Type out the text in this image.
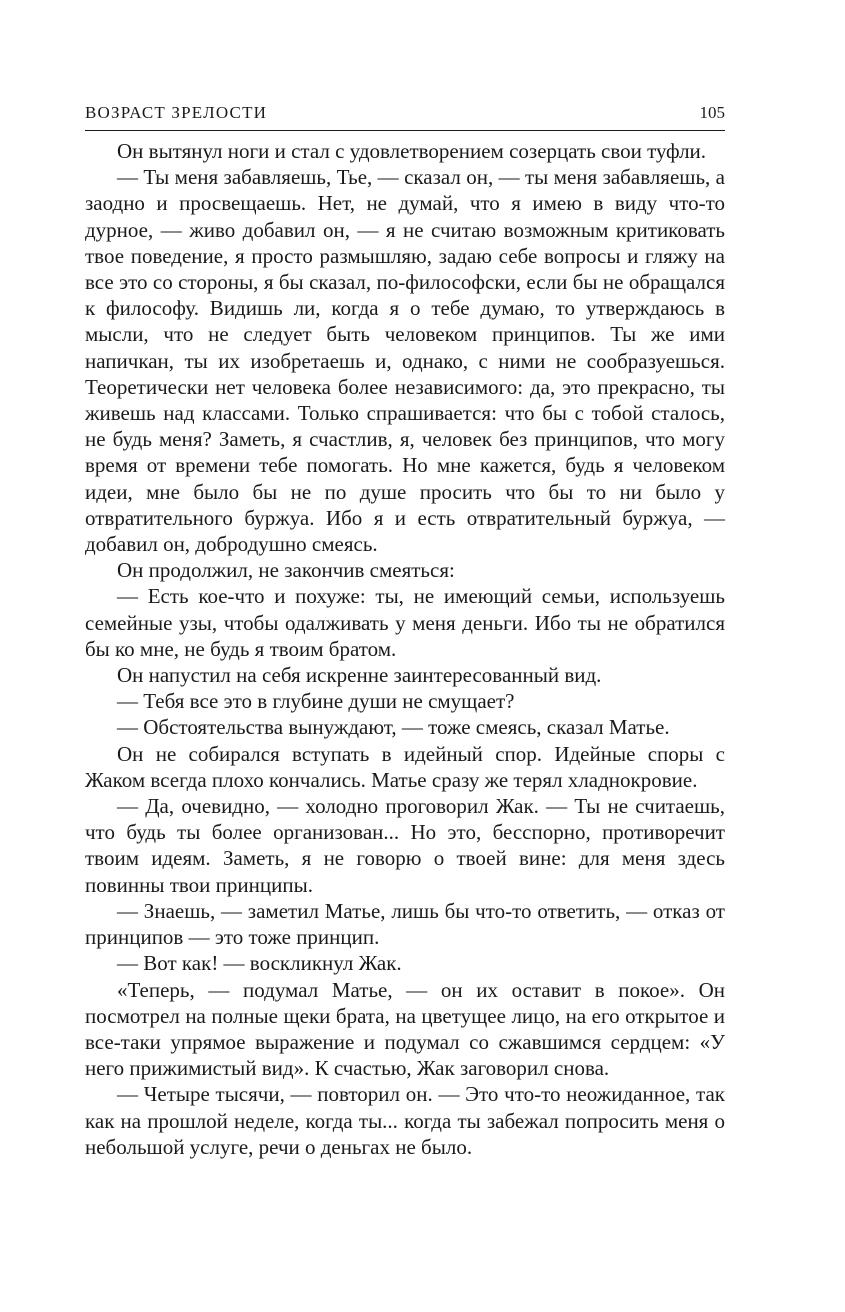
ВОЗРАСТ ЗРЕЛОСТИ	105

Он вытянул ноги и стал с удовлетворением созерцать свои туфли.

— Ты меня забавляешь, Тье, — сказал он, — ты меня забавляешь, а заодно и просвещаешь. Нет, не думай, что я имею в виду что-то дурное, — живо добавил он, — я не считаю возможным критиковать твое поведение, я просто размышляю, задаю себе вопросы и гляжу на все это со стороны, я бы сказал, по-философски, если бы не обращался к философу. Видишь ли, когда я о тебе думаю, то утверждаюсь в мысли, что не следует быть человеком принципов. Ты же ими напичкан, ты их изобретаешь и, однако, с ними не сообразуешься. Теоретически нет человека более независимого: да, это прекрасно, ты живешь над классами. Только спрашивается: что бы с тобой сталось, не будь меня? Заметь, я счастлив, я, человек без принципов, что могу время от времени тебе помогать. Но мне кажется, будь я человеком идеи, мне было бы не по душе просить что бы то ни было у отвратительного буржуа. Ибо я и есть отвратительный буржуа, — добавил он, добродушно смеясь.

Он продолжил, не закончив смеяться:

— Есть кое-что и похуже: ты, не имеющий семьи, используешь семейные узы, чтобы одалживать у меня деньги. Ибо ты не обратился бы ко мне, не будь я твоим братом.

Он напустил на себя искренне заинтересованный вид.

— Тебя все это в глубине души не смущает?

— Обстоятельства вынуждают, — тоже смеясь, сказал Матье.

Он не собирался вступать в идейный спор. Идейные споры с Жаком всегда плохо кончались. Матье сразу же терял хладнокровие.

— Да, очевидно, — холодно проговорил Жак. — Ты не считаешь, что будь ты более организован... Но это, бесспорно, противоречит твоим идеям. Заметь, я не говорю о твоей вине: для меня здесь повинны твои принципы.

— Знаешь, — заметил Матье, лишь бы что-то ответить, — отказ от принципов — это тоже принцип.

— Вот как! — воскликнул Жак.

«Теперь, — подумал Матье, — он их оставит в покое». Он посмотрел на полные щеки брата, на цветущее лицо, на его открытое и все-таки упрямое выражение и подумал со сжавшимся сердцем: «У него прижимистый вид». К счастью, Жак заговорил снова.

— Четыре тысячи, — повторил он. — Это что-то неожиданное, так как на прошлой неделе, когда ты... когда ты забежал попросить меня о небольшой услуге, речи о деньгах не было.
